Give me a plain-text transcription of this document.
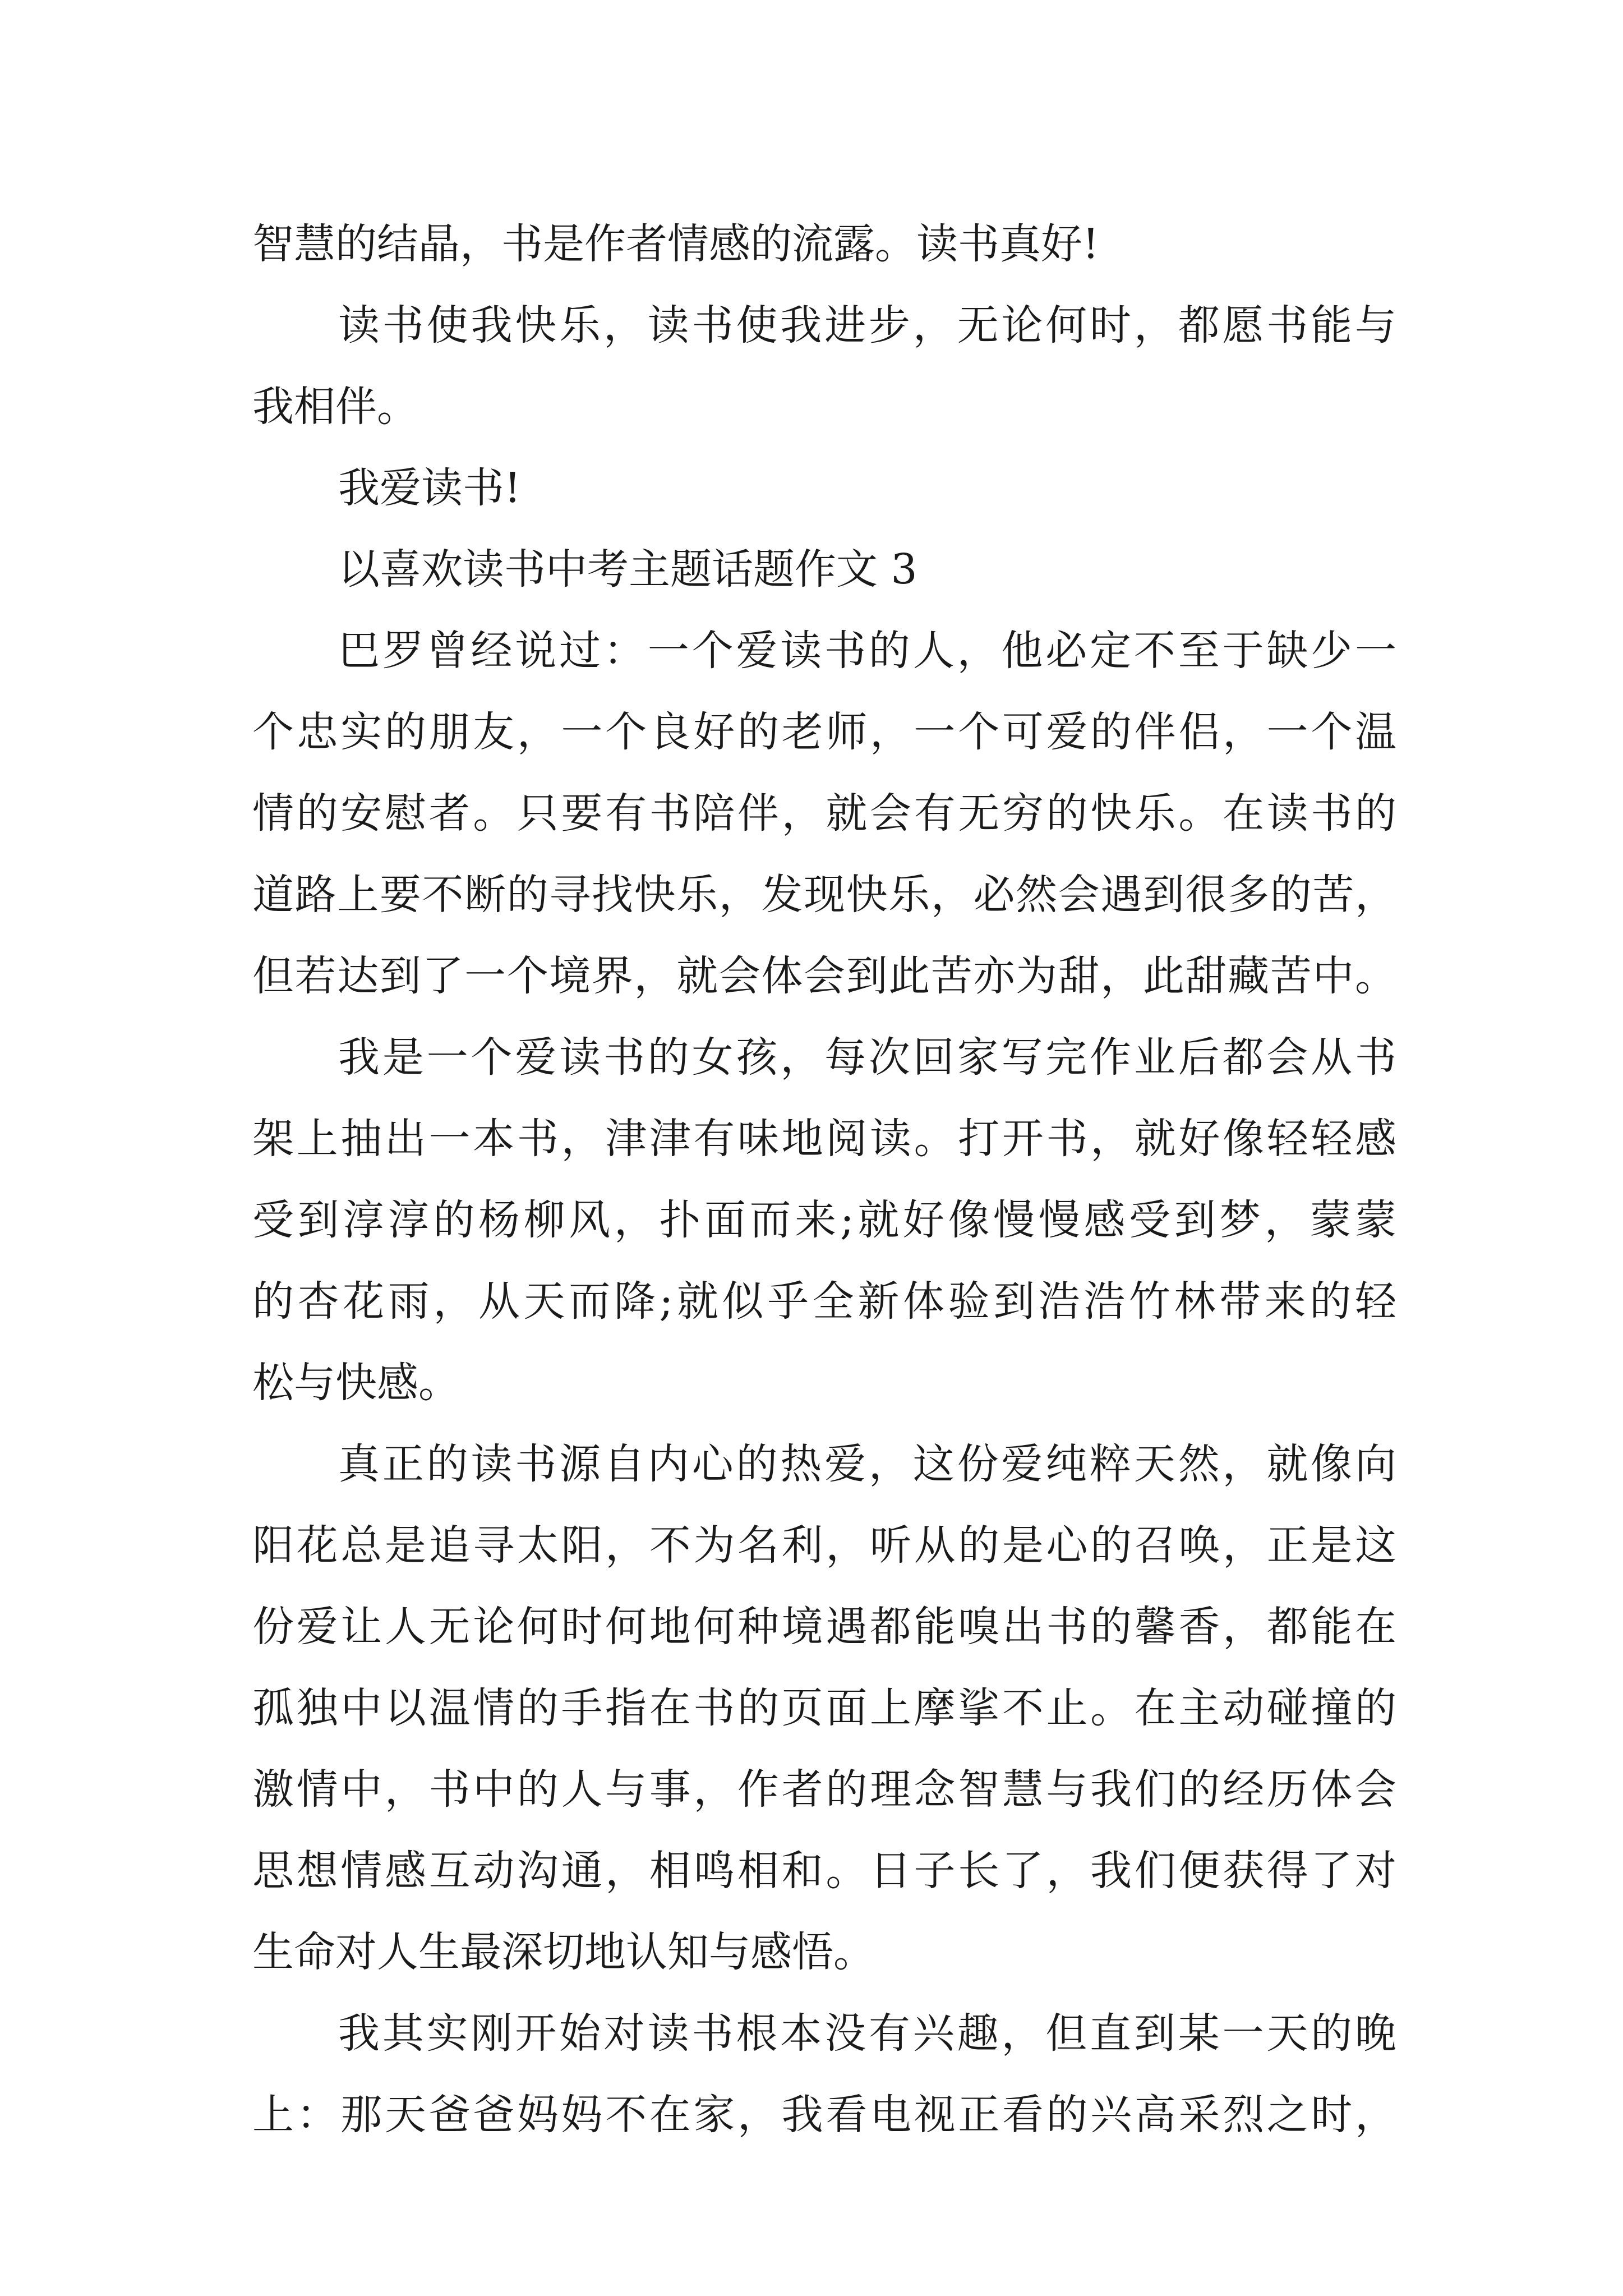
智慧的结晶，书是作者情感的流露。读书真好!
读书使我快乐，读书使我进步，无论何时，都愿书能与
我相伴。
我爱读书!
以喜欢读书中考主题话题作文 3
巴罗曾经说过：一个爱读书的人，他必定不至于缺少一
个忠实的朋友，一个良好的老师，一个可爱的伴侣，一个温
情的安慰者。只要有书陪伴，就会有无穷的快乐。在读书的
道路上要不断的寻找快乐，发现快乐，必然会遇到很多的苦，
但若达到了一个境界，就会体会到此苦亦为甜，此甜藏苦中。
我是一个爱读书的女孩，每次回家写完作业后都会从书
架上抽出一本书，津津有味地阅读。打开书，就好像轻轻感
受到淳淳的杨柳风，扑面而来;就好像慢慢感受到梦，蒙蒙
的杏花雨，从天而降;就似乎全新体验到浩浩竹林带来的轻
松与快感。
真正的读书源自内心的热爱，这份爱纯粹天然，就像向
阳花总是追寻太阳，不为名利，听从的是心的召唤，正是这
份爱让人无论何时何地何种境遇都能嗅出书的馨香，都能在
孤独中以温情的手指在书的页面上摩挲不止。在主动碰撞的
激情中，书中的人与事，作者的理念智慧与我们的经历体会
思想情感互动沟通，相鸣相和。日子长了，我们便获得了对
生命对人生最深切地认知与感悟。
我其实刚开始对读书根本没有兴趣，但直到某一天的晚
上：那天爸爸妈妈不在家，我看电视正看的兴高采烈之时，
